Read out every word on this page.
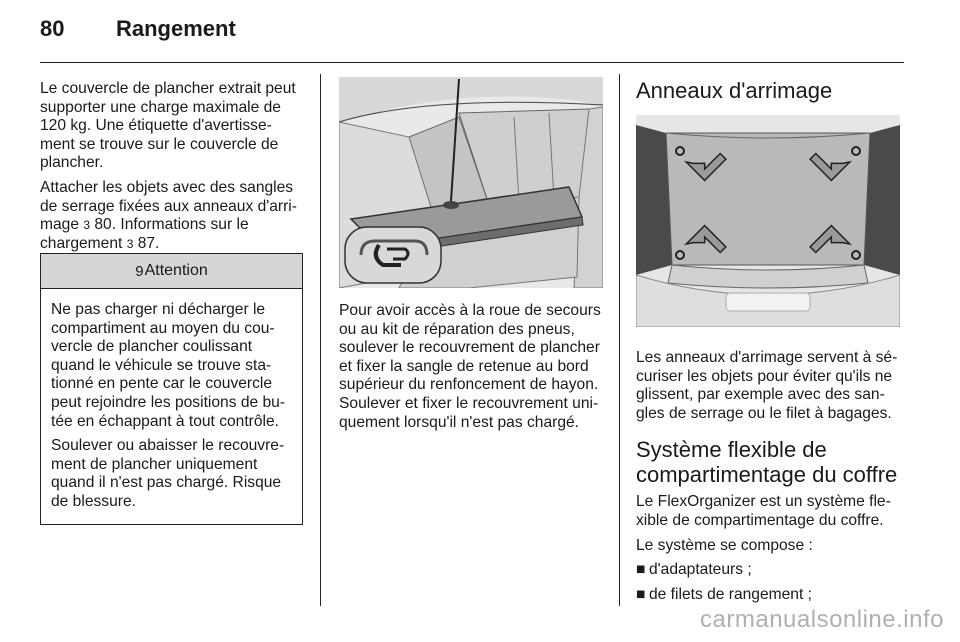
80 Rangement

Le couvercle de plancher extrait peut supporter une charge maximale de 120 kg. Une étiquette d'avertisse-ment se trouve sur le couvercle de plancher.

Attacher les objets avec des sangles de serrage fixées aux anneaux d'arri-mage 3 80. Informations sur le chargement 3 87.

9 Attention

Ne pas charger ni décharger le compartiment au moyen du cou-vercle de plancher coulissant quand le véhicule se trouve sta-tionné en pente car le couvercle peut rejoindre les positions de bu-tée en échappant à tout contrôle.

Soulever ou abaisser le recouvre-ment de plancher uniquement quand il n'est pas chargé. Risque de blessure.

Pour avoir accès à la roue de secours ou au kit de réparation des pneus, soulever le recouvrement de plancher et fixer la sangle de retenue au bord supérieur du renfoncement de hayon. Soulever et fixer le recouvrement uni-quement lorsqu'il n'est pas chargé.

Anneaux d'arrimage

Les anneaux d'arrimage servent à sé-curiser les objets pour éviter qu'ils ne glissent, par exemple avec des san-gles de serrage ou le filet à bagages.

Système flexible de compartimentage du coffre

Le FlexOrganizer est un système fle-xible de compartimentage du coffre.

Le système se compose :

■ d'adaptateurs ;
■ de filets de rangement ;
carmanualsonline.info
